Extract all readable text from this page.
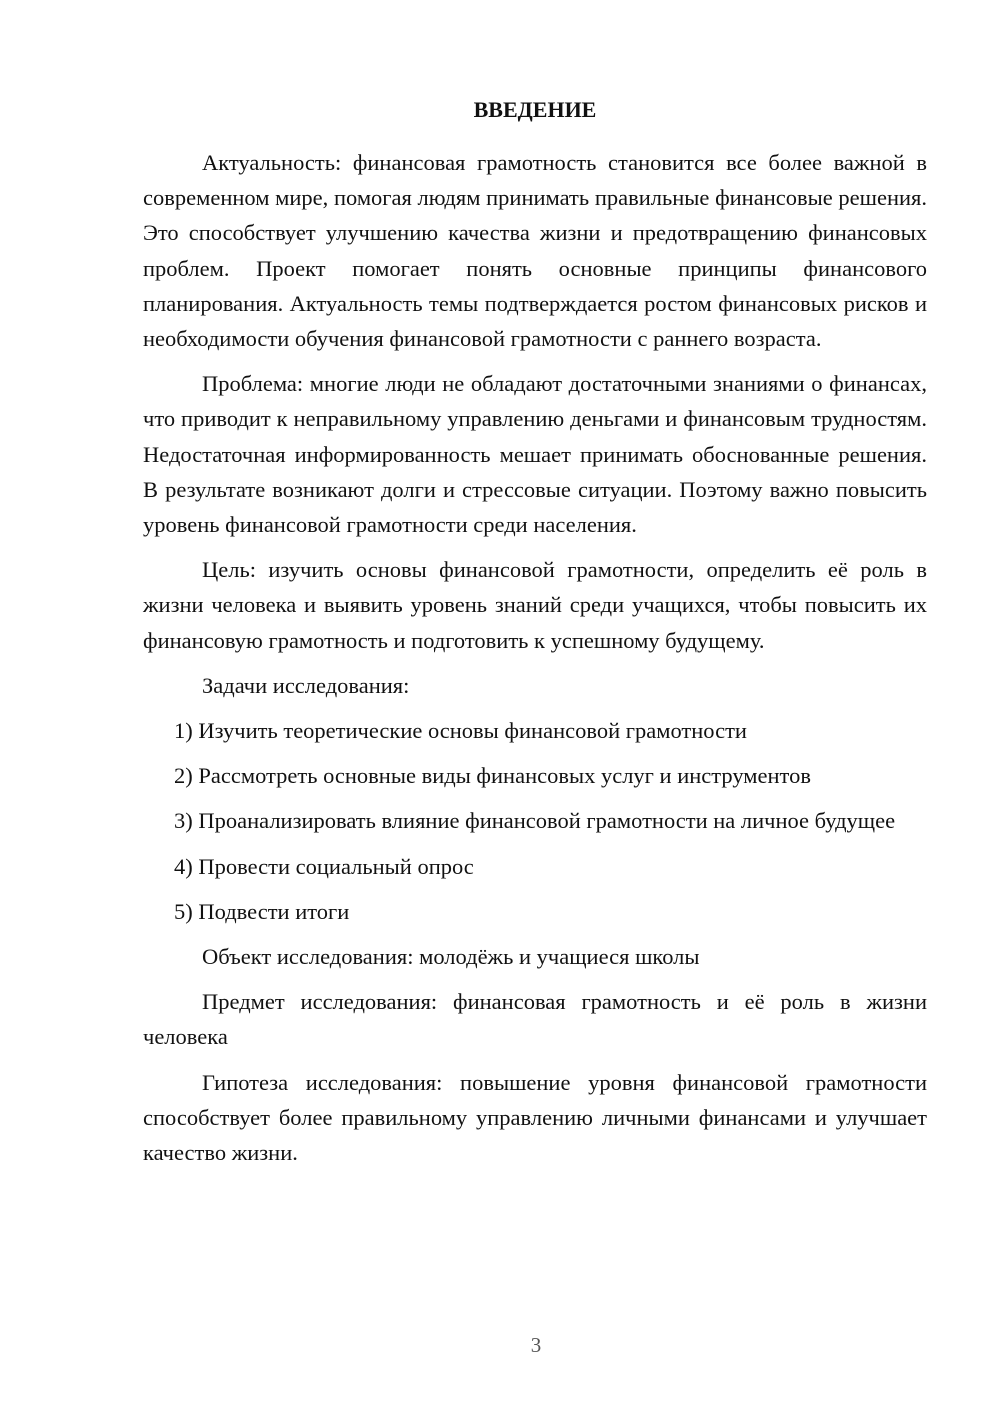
ВВЕДЕНИЕ

Актуальность: финансовая грамотность становится все более важной в современном мире, помогая людям принимать правильные финансовые решения. Это способствует улучшению качества жизни и предотвращению финансовых проблем. Проект помогает понять основные принципы финансового планирования. Актуальность темы подтверждается ростом финансовых рисков и необходимости обучения финансовой грамотности с раннего возраста.

Проблема: многие люди не обладают достаточными знаниями о финансах, что приводит к неправильному управлению деньгами и финансовым трудностям. Недостаточная информированность мешает принимать обоснованные решения. В результате возникают долги и стрессовые ситуации. Поэтому важно повысить уровень финансовой грамотности среди населения.

Цель: изучить основы финансовой грамотности, определить её роль в жизни человека и выявить уровень знаний среди учащихся, чтобы повысить их финансовую грамотность и подготовить к успешному будущему.

Задачи исследования:

1) Изучить теоретические основы финансовой грамотности

2) Рассмотреть основные виды финансовых услуг и инструментов

3) Проанализировать влияние финансовой грамотности на личное будущее

4) Провести социальный опрос

5) Подвести итоги

Объект исследования: молодёжь и учащиеся школы

Предмет исследования: финансовая грамотность и её роль в жизни человека

Гипотеза исследования: повышение уровня финансовой грамотности способствует более правильному управлению личными финансами и улучшает качество жизни.

3
